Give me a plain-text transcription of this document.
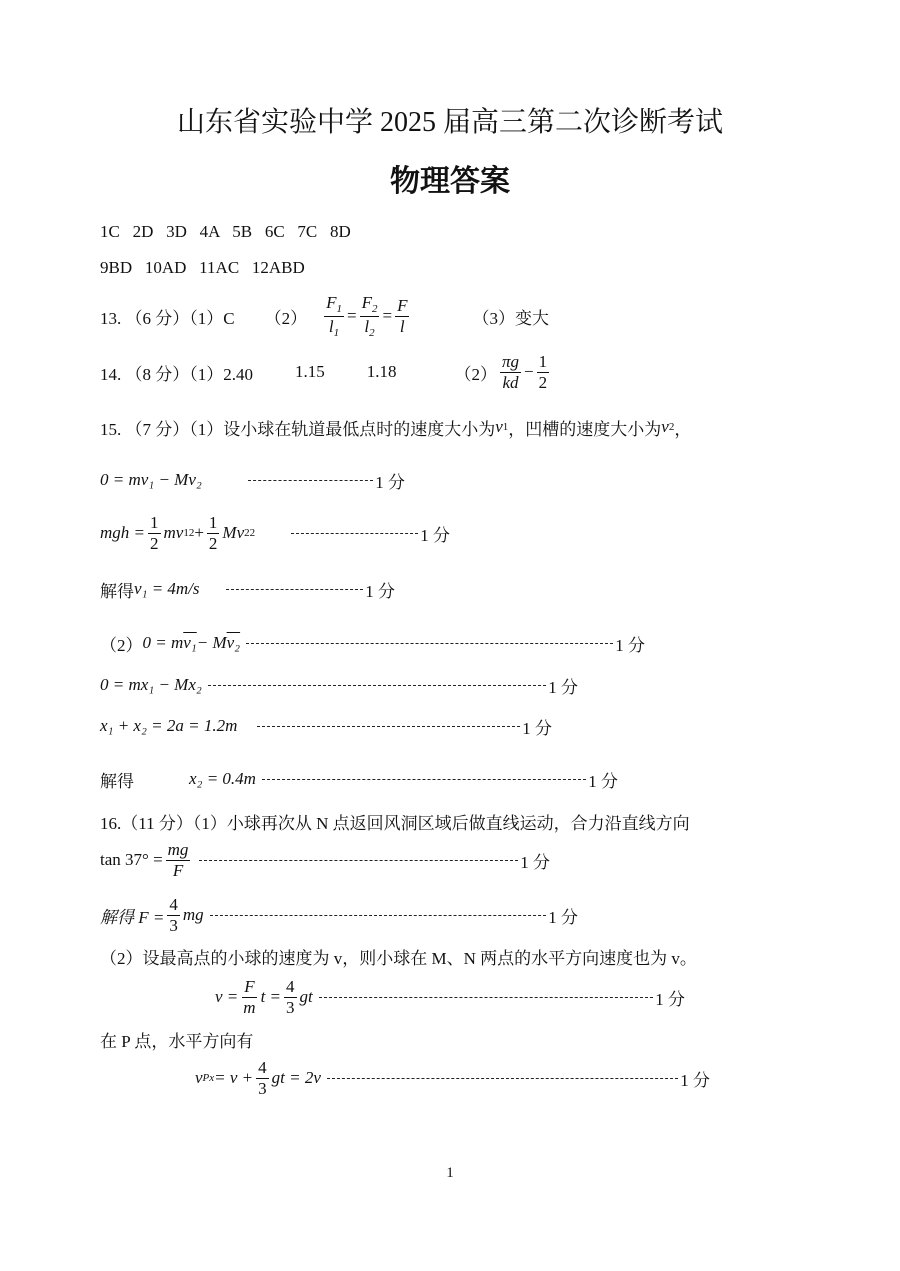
山东省实验中学 2025 届高三第二次诊断考试
物理答案
1C   2D   3D   4A   5B   6C   7C   8D
9BD   10AD   11AC   12ABD
13. （6 分）（1）C $(2) \frac{F_1}{l_1} = \frac{F_2}{l_2} = \frac{F}{l}$	（3）变大
14. （8 分）（1）2.40 1.15 1.18	$(2) \frac{\pi g}{kd} - \frac{1}{2}$
15. （7 分）（1）设小球在轨道最低点时的速度大小为 v 1 ，凹槽的速度大小为 v 2 ，
0 = mv₁ − Mv₂	1 分
mgh = $\frac{1}{2}$ mv 1 $2 + \frac{1}{2}$ Mv 2 2	1 分
解得 v₁ = 4m/s	1 分
（2） 0 = m v₁ − M v₂	1 分
0 = mx₁ − Mx₂	1 分
x₁ + x₂ = 2a = 1.2m	1 分
解得	x₂ = 0.4m	1 分
16.（11 分）（1）小球再次从 N 点返回风洞区域后做直线运动，合力沿直线方向
$\tan 37^\circ = \frac{mg}{F}$	1 分
解得 $F = \frac{4}{3}$ mg	1 分
（2）设最高点的小球的速度为 v，则小球在 M、N 两点的水平方向速度也为 v。
$v = \frac{F}{m}$ $t = \frac{4}{3}$ gt	1 分
在 P 点，水平方向有
v $Px = v + \frac{4}{3}$ gt = 2v	1 分
1
